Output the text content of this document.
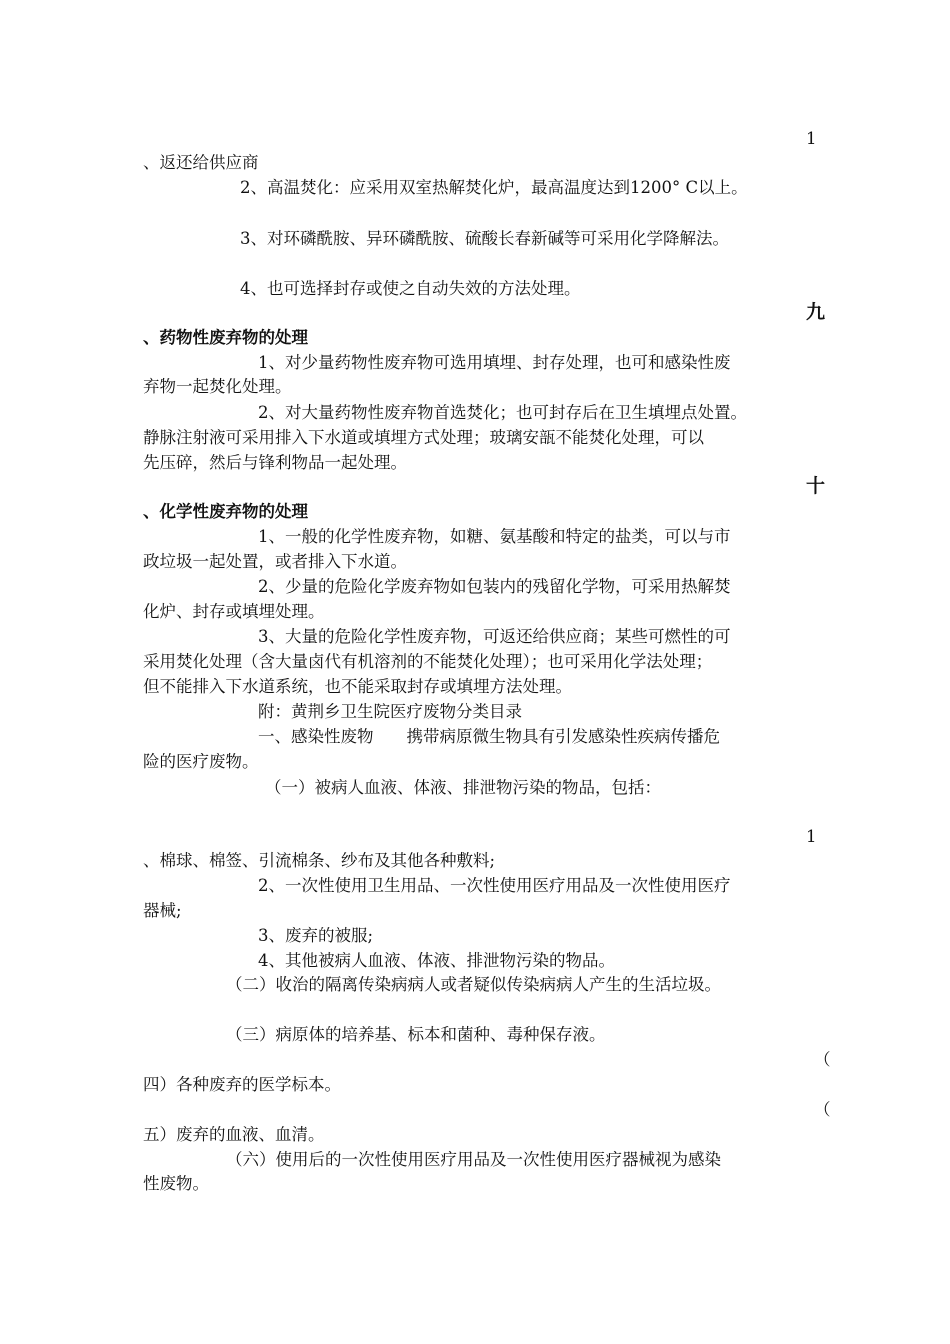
1
、返还给供应商
2、高温焚化：应采用双室热解焚化炉，最高温度达到1200° C以上。
3、对环磷酰胺、异环磷酰胺、硫酸长春新碱等可采用化学降解法。
4、也可选择封存或使之自动失效的方法处理。
九
、药物性废弃物的处理
1、对少量药物性废弃物可选用填埋、封存处理，也可和感染性废
弃物一起焚化处理。
2、对大量药物性废弃物首选焚化；也可封存后在卫生填埋点处置。
静脉注射液可采用排入下水道或填埋方式处理；玻璃安瓿不能焚化处理，可以
先压碎，然后与锋利物品一起处理。
十
、化学性废弃物的处理
1、一般的化学性废弃物，如糖、氨基酸和特定的盐类，可以与市
政垃圾一起处置，或者排入下水道。
2、少量的危险化学废弃物如包装内的残留化学物，可采用热解焚
化炉、封存或填埋处理。
3、大量的危险化学性废弃物，可返还给供应商；某些可燃性的可
采用焚化处理（含大量卤代有机溶剂的不能焚化处理）；也可采用化学法处理；
但不能排入下水道系统，也不能采取封存或填埋方法处理。
附：黄荆乡卫生院医疗废物分类目录
一、感染性废物　　携带病原微生物具有引发感染性疾病传播危
险的医疗废物。
（一）被病人血液、体液、排泄物污染的物品，包括：
1
、棉球、棉签、引流棉条、纱布及其他各种敷料;
2、一次性使用卫生用品、一次性使用医疗用品及一次性使用医疗
器械;
3、废弃的被服;
4、其他被病人血液、体液、排泄物污染的物品。
（二）收治的隔离传染病病人或者疑似传染病病人产生的生活垃圾。
（三）病原体的培养基、标本和菌种、毒种保存液。
（
四）各种废弃的医学标本。
（
五）废弃的血液、血清。
（六）使用后的一次性使用医疗用品及一次性使用医疗器械视为感染
性废物。
